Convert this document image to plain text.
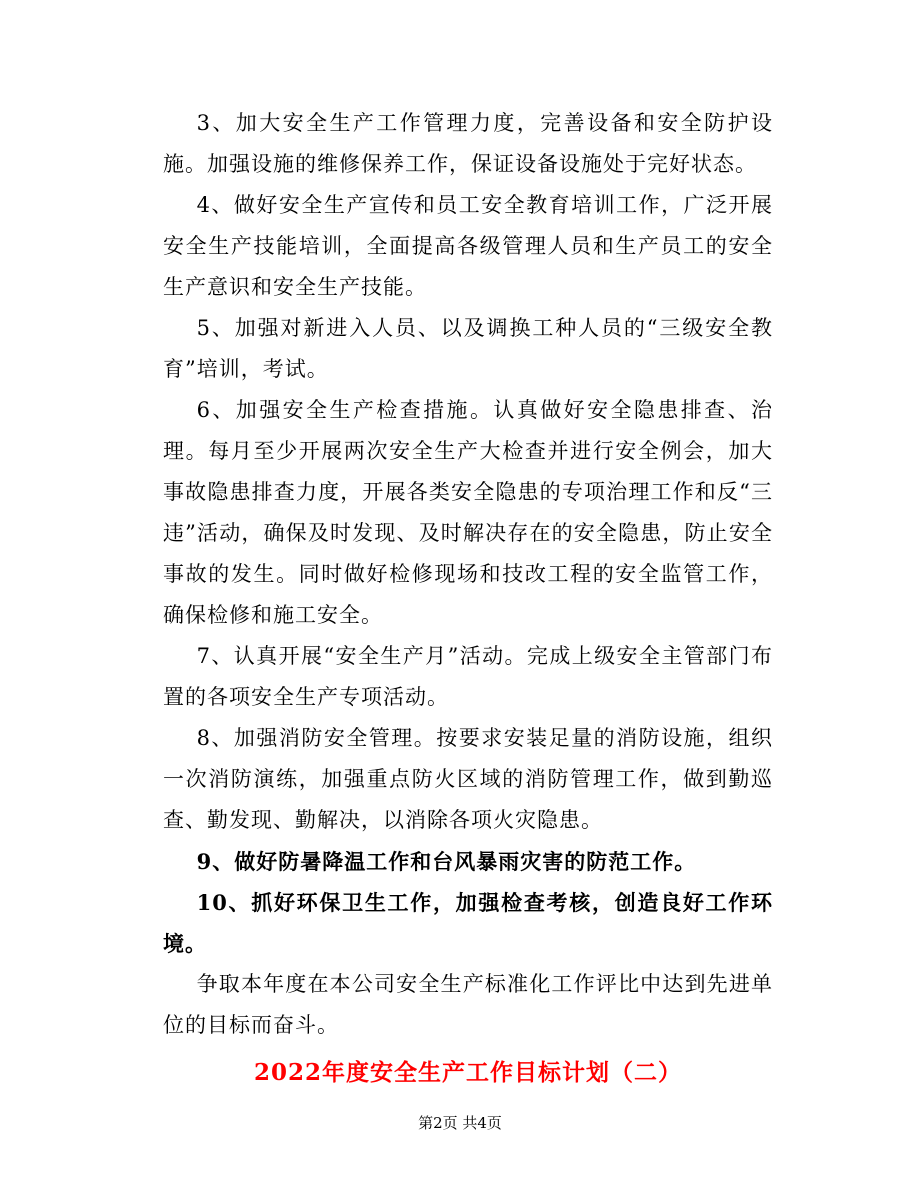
3、加大安全生产工作管理力度，完善设备和安全防护设施。加强设施的维修保养工作，保证设备设施处于完好状态。

4、做好安全生产宣传和员工安全教育培训工作，广泛开展安全生产技能培训，全面提高各级管理人员和生产员工的安全生产意识和安全生产技能。

5、加强对新进入人员、以及调换工种人员的“三级安全教育”培训，考试。

6、加强安全生产检查措施。认真做好安全隐患排查、治理。每月至少开展两次安全生产大检查并进行安全例会，加大事故隐患排查力度，开展各类安全隐患的专项治理工作和反“三违”活动，确保及时发现、及时解决存在的安全隐患，防止安全事故的发生。同时做好检修现场和技改工程的安全监管工作，确保检修和施工安全。

7、认真开展“安全生产月”活动。完成上级安全主管部门布置的各项安全生产专项活动。

8、加强消防安全管理。按要求安装足量的消防设施，组织一次消防演练，加强重点防火区域的消防管理工作，做到勤巡查、勤发现、勤解决，以消除各项火灾隐患。

9、做好防暑降温工作和台风暴雨灾害的防范工作。

10、抓好环保卫生工作，加强检查考核，创造良好工作环境。

争取本年度在本公司安全生产标准化工作评比中达到先进单位的目标而奋斗。

2022年度安全生产工作目标计划（二）
第2页 共4页
